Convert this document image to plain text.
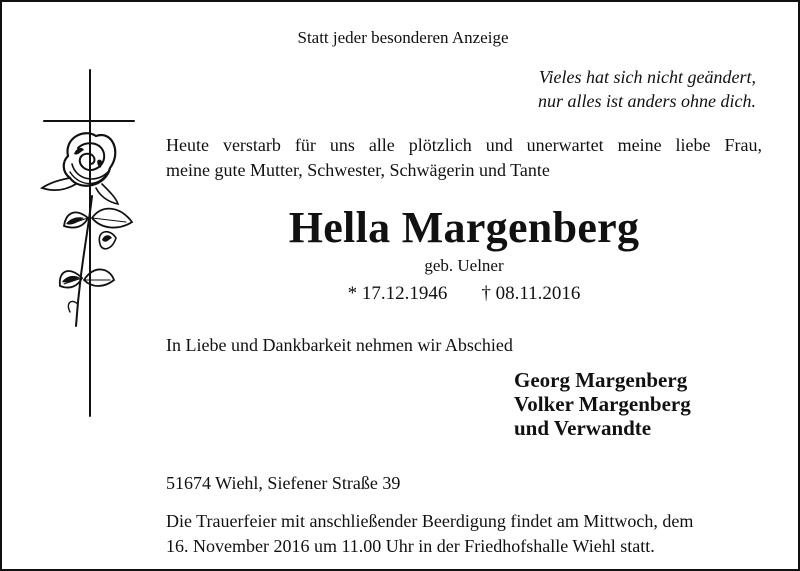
Statt jeder besonderen Anzeige
Vieles hat sich nicht geändert,
nur alles ist anders ohne dich.
Heute verstarb für uns alle plötzlich und unerwartet meine liebe Frau,
meine gute Mutter, Schwester, Schwägerin und Tante
Hella Margenberg
geb. Uelner
* 17.12.1946 † 08.11.2016
In Liebe und Dankbarkeit nehmen wir Abschied
Georg Margenberg
Volker Margenberg
und Verwandte
51674 Wiehl, Siefener Straße 39
Die Trauerfeier mit anschließender Beerdigung findet am Mittwoch, dem
16. November 2016 um 11.00 Uhr in der Friedhofshalle Wiehl statt.
